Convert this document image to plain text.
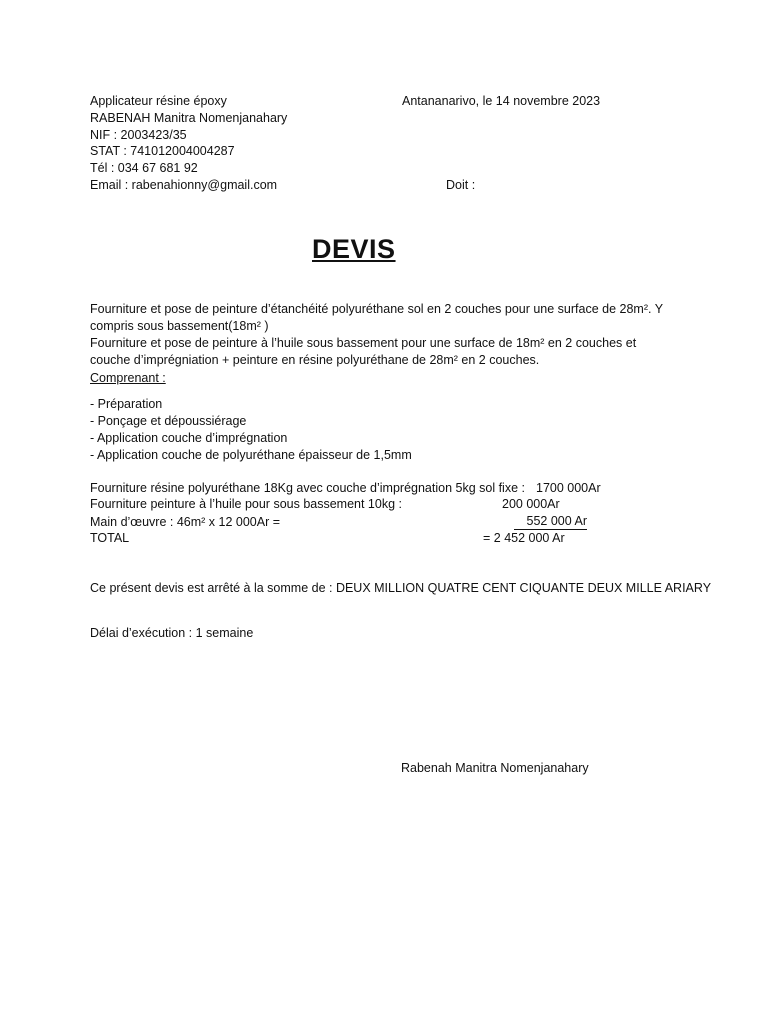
Applicateur résine époxy
RABENAH Manitra Nomenjanahary
NIF : 2003423/35
STAT : 741012004004287
Tél : 034 67 681 92
Email : rabenahionny@gmail.com
Antananarivo, le 14 novembre 2023
Doit :
DEVIS
Fourniture et pose de peinture d’étanchéité polyuréthane sol en 2 couches pour une surface de 28m². Y compris sous bassement(18m² )
Fourniture et pose de peinture à l’huile sous bassement pour une surface de 18m² en 2 couches et couche d’imprégniation + peinture en résine polyuréthane de 28m² en 2 couches.
Comprenant :
- Préparation
- Ponçage et dépoussiérage
- Application couche d’imprégnation
- Application couche de polyuréthane épaisseur de 1,5mm
Fourniture résine polyuréthane 18Kg avec couche d’imprégnation 5kg sol fixe : 1700 000Ar
Fourniture peinture à l’huile pour sous bassement 10kg :	200 000Ar
Main d’œuvre : 46m² x 12 000Ar =	552 000 Ar
TOTAL	= 2 452 000 Ar
Ce présent devis est arrêté à la somme de : DEUX MILLION QUATRE CENT CIQUANTE DEUX MILLE ARIARY
Délai d’exécution : 1 semaine
Rabenah Manitra Nomenjanahary
